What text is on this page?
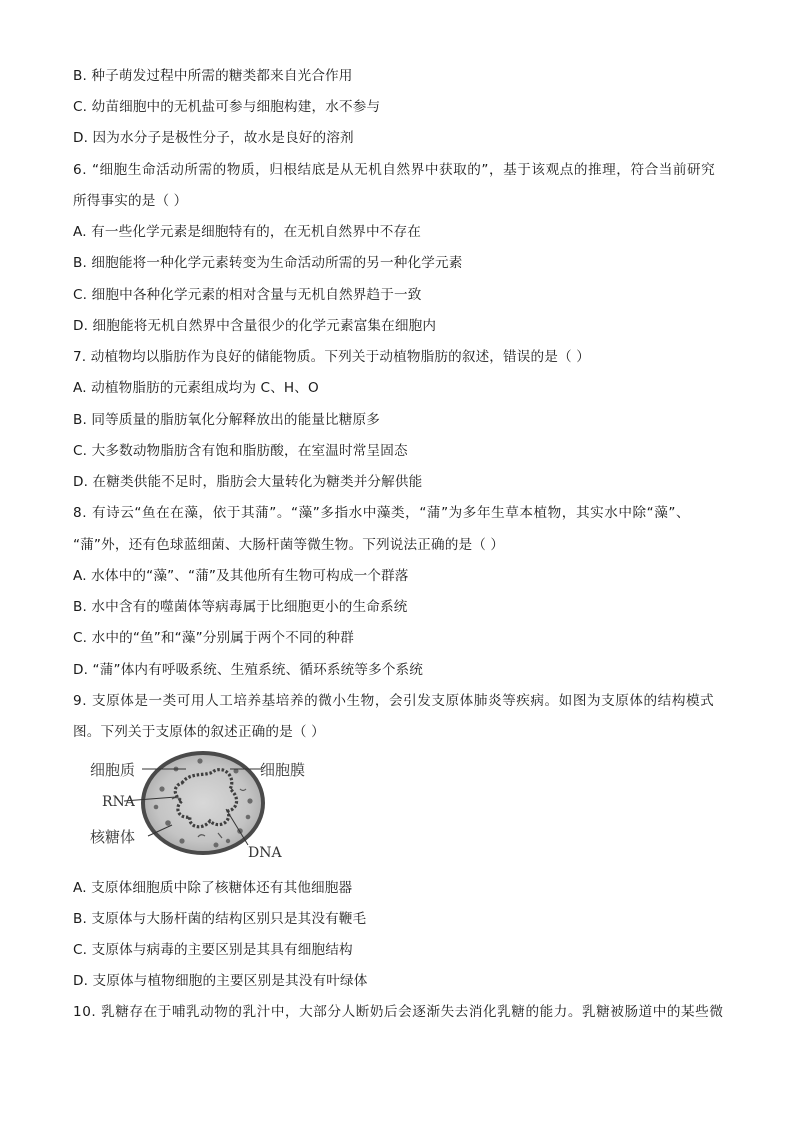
B. 种子萌发过程中所需的糖类都来自光合作用
C. 幼苗细胞中的无机盐可参与细胞构建，水不参与
D. 因为水分子是极性分子，故水是良好的溶剂
6. “细胞生命活动所需的物质，归根结底是从无机自然界中获取的”，基于该观点的推理，符合当前研究
所得事实的是（ ）
A. 有一些化学元素是细胞特有的，在无机自然界中不存在
B. 细胞能将一种化学元素转变为生命活动所需的另一种化学元素
C. 细胞中各种化学元素的相对含量与无机自然界趋于一致
D. 细胞能将无机自然界中含量很少的化学元素富集在细胞内
7. 动植物均以脂肪作为良好的储能物质。下列关于动植物脂肪的叙述，错误的是（ ）
A. 动植物脂肪的元素组成均为 C、H、O
B. 同等质量的脂肪氧化分解释放出的能量比糖原多
C. 大多数动物脂肪含有饱和脂肪酸，在室温时常呈固态
D. 在糖类供能不足时，脂肪会大量转化为糖类并分解供能
8. 有诗云“鱼在在藻，依于其蒲”。“藻”多指水中藻类，“蒲”为多年生草本植物，其实水中除“藻”、
“蒲”外，还有色球蓝细菌、大肠杆菌等微生物。下列说法正确的是（ ）
A. 水体中的“藻”、“蒲”及其他所有生物可构成一个群落
B. 水中含有的噬菌体等病毒属于比细胞更小的生命系统
C. 水中的“鱼”和“藻”分别属于两个不同的种群
D. “蒲”体内有呼吸系统、生殖系统、循环系统等多个系统
9. 支原体是一类可用人工培养基培养的微小生物，会引发支原体肺炎等疾病。如图为支原体的结构模式
图。下列关于支原体的叙述正确的是（ ）
细胞质	细胞膜
RNA
核糖体
DNA
A. 支原体细胞质中除了核糖体还有其他细胞器
B. 支原体与大肠杆菌的结构区别只是其没有鞭毛
C. 支原体与病毒的主要区别是其具有细胞结构
D. 支原体与植物细胞的主要区别是其没有叶绿体
10. 乳糖存在于哺乳动物的乳汁中，大部分人断奶后会逐渐失去消化乳糖的能力。乳糖被肠道中的某些微
